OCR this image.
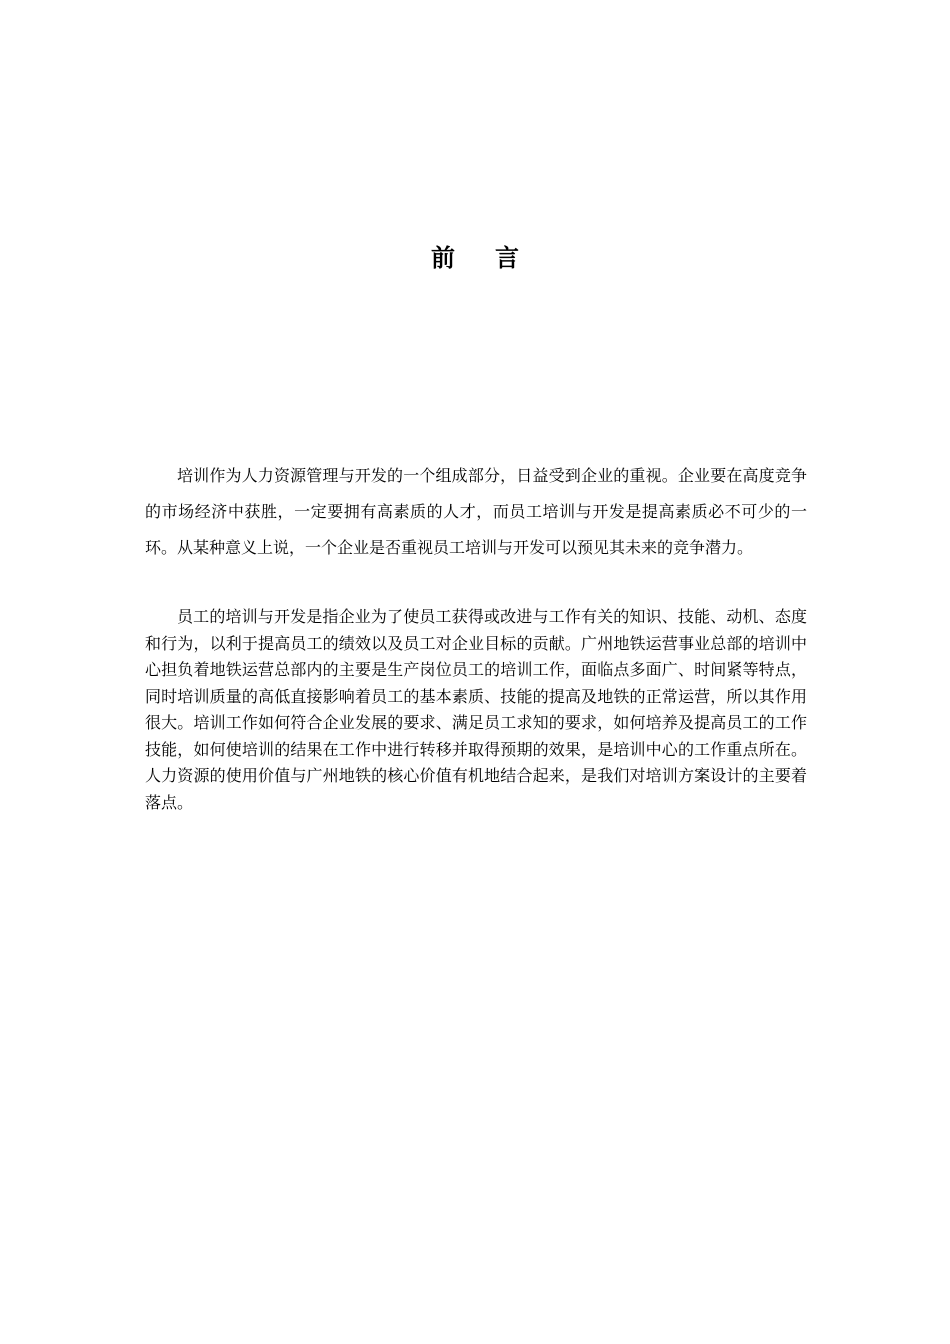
前言

培训作为人力资源管理与开发的一个组成部分，日益受到企业的重视。企业要在高度竞争的市场经济中获胜，一定要拥有高素质的人才，而员工培训与开发是提高素质必不可少的一环。从某种意义上说，一个企业是否重视员工培训与开发可以预见其未来的竞争潜力。

员工的培训与开发是指企业为了使员工获得或改进与工作有关的知识、技能、动机、态度和行为，以利于提高员工的绩效以及员工对企业目标的贡献。广州地铁运营事业总部的培训中心担负着地铁运营总部内的主要是生产岗位员工的培训工作，面临点多面广、时间紧等特点，同时培训质量的高低直接影响着员工的基本素质、技能的提高及地铁的正常运营，所以其作用很大。培训工作如何符合企业发展的要求、满足员工求知的要求，如何培养及提高员工的工作技能，如何使培训的结果在工作中进行转移并取得预期的效果，是培训中心的工作重点所在。人力资源的使用价值与广州地铁的核心价值有机地结合起来，是我们对培训方案设计的主要着落点。
